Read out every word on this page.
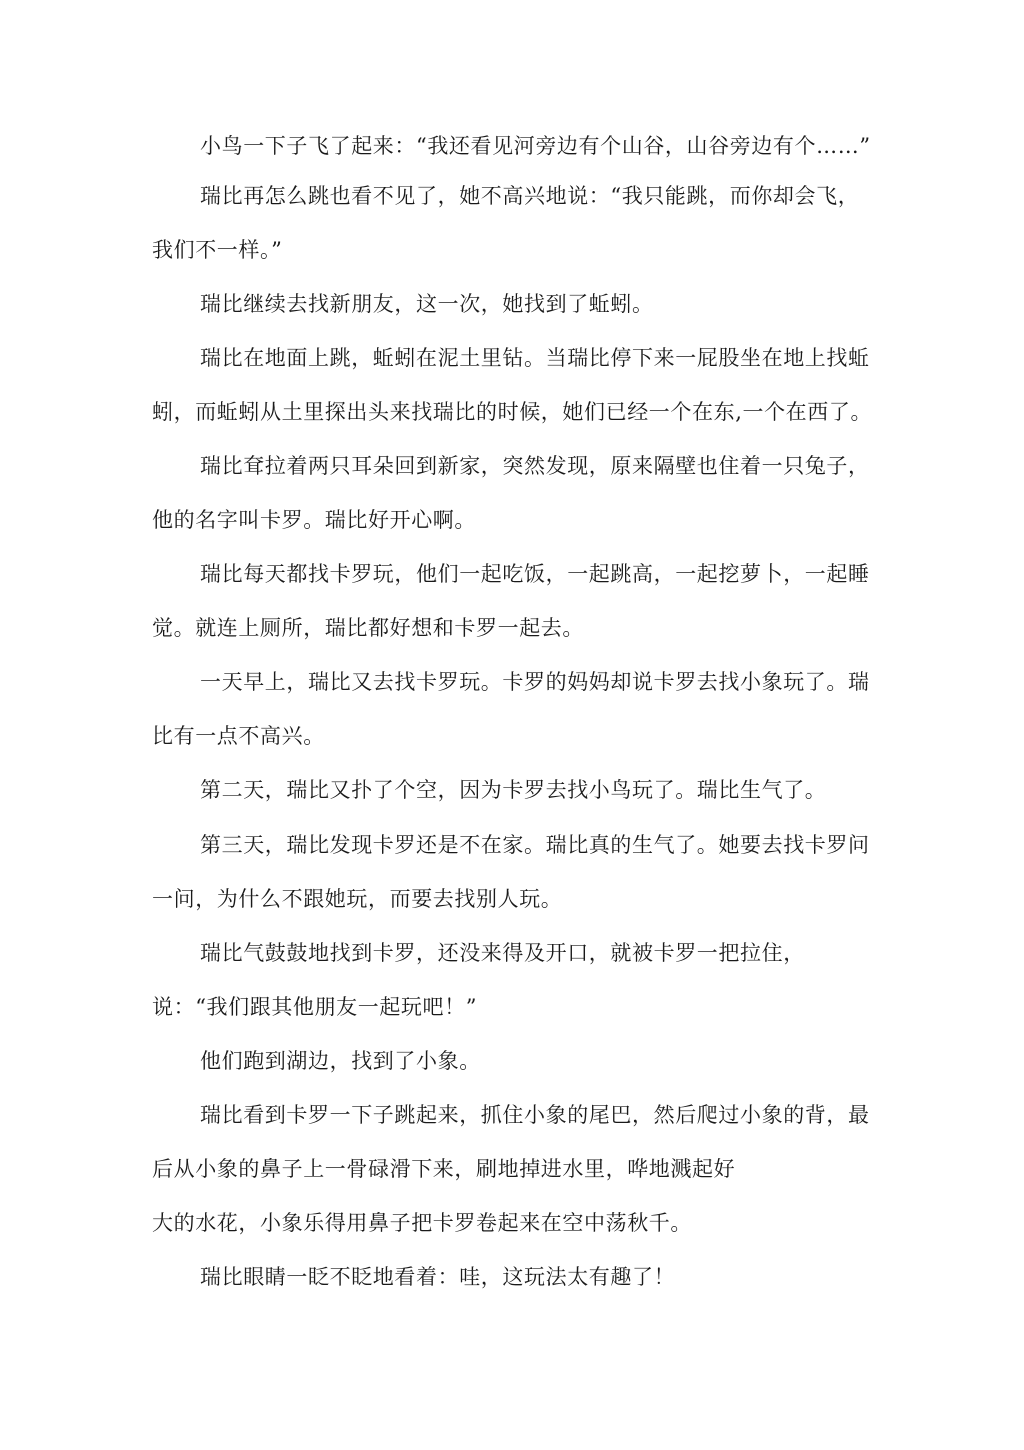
小鸟一下子飞了起来：“我还看见河旁边有个山谷，山谷旁边有个……”
瑞比再怎么跳也看不见了，她不高兴地说：“我只能跳，而你却会飞，
我们不一样。”
瑞比继续去找新朋友，这一次，她找到了蚯蚓。
瑞比在地面上跳，蚯蚓在泥土里钻。当瑞比停下来一屁股坐在地上找蚯
蚓，而蚯蚓从土里探出头来找瑞比的时候，她们已经一个在东,一个在西了。
瑞比耷拉着两只耳朵回到新家，突然发现，原来隔壁也住着一只兔子，
他的名字叫卡罗。瑞比好开心啊。
瑞比每天都找卡罗玩，他们一起吃饭，一起跳高，一起挖萝卜，一起睡
觉。就连上厕所，瑞比都好想和卡罗一起去。
一天早上，瑞比又去找卡罗玩。卡罗的妈妈却说卡罗去找小象玩了。瑞
比有一点不高兴。
第二天，瑞比又扑了个空，因为卡罗去找小鸟玩了。瑞比生气了。
第三天，瑞比发现卡罗还是不在家。瑞比真的生气了。她要去找卡罗问
一问，为什么不跟她玩，而要去找别人玩。
瑞比气鼓鼓地找到卡罗，还没来得及开口，就被卡罗一把拉住，
说：“我们跟其他朋友一起玩吧！”
他们跑到湖边，找到了小象。
瑞比看到卡罗一下子跳起来，抓住小象的尾巴，然后爬过小象的背，最
后从小象的鼻子上一骨碌滑下来，刷地掉进水里，哗地溅起好
大的水花，小象乐得用鼻子把卡罗卷起来在空中荡秋千。
瑞比眼睛一眨不眨地看着：哇，这玩法太有趣了！
